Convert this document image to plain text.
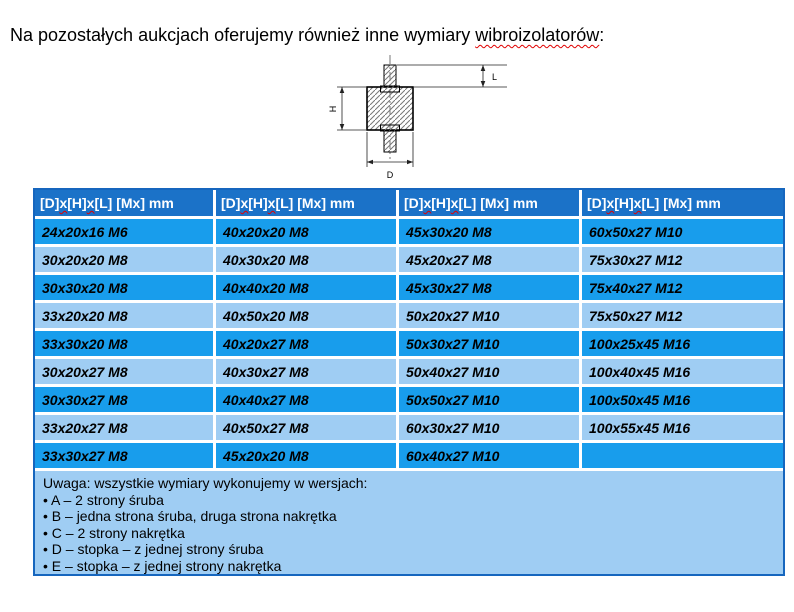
Na pozostałych aukcjach oferujemy również inne wymiary wibroizolatorów:
L
H
D
[D] x [H] x [L] [Mx] mm	[D] x [H] x [L] [Mx] mm	[D] x [H] x [L] [Mx] mm	[D] x [H] x [L] [Mx] mm
24x20x16 M6	40x20x20 M8	45x30x20 M8	60x50x27 M10
30x20x20 M8	40x30x20 M8	45x20x27 M8	75x30x27 M12
30x30x20 M8	40x40x20 M8	45x30x27 M8	75x40x27 M12
33x20x20 M8	40x50x20 M8	50x20x27 M10	75x50x27 M12
33x30x20 M8	40x20x27 M8	50x30x27 M10	100x25x45 M16
30x20x27 M8	40x30x27 M8	50x40x27 M10	100x40x45 M16
30x30x27 M8	40x40x27 M8	50x50x27 M10	100x50x45 M16
33x20x27 M8	40x50x27 M8	60x30x27 M10	100x55x45 M16
33x30x27 M8	45x20x20 M8	60x40x27 M10
Uwaga: wszystkie wymiary wykonujemy w wersjach:
• A – 2 strony śruba
• B – jedna strona śruba, druga strona nakrętka
• C – 2 strony nakrętka
• D – stopka – z jednej strony śruba
• E – stopka – z jednej strony nakrętka
